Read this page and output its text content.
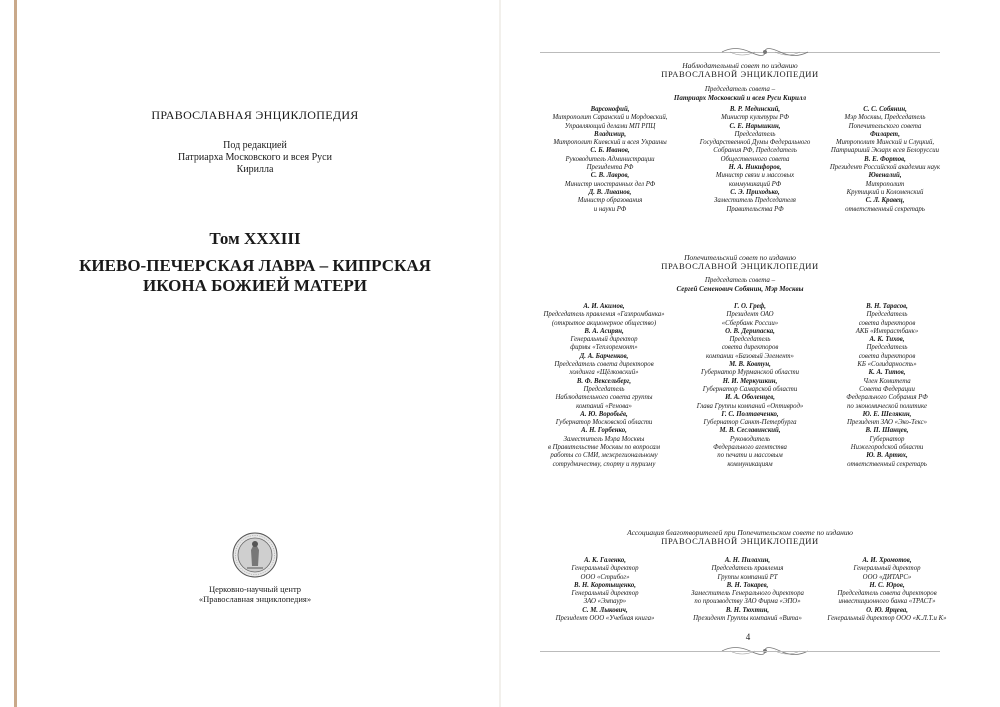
ПРАВОСЛАВНАЯ ЭНЦИКЛОПЕДИЯ
Под редакцией
Патриарха Московского и всея Руси
Кирилла
Том XXXIII
КИЕВО-ПЕЧЕРСКАЯ ЛАВРА – КИПРСКАЯ
ИКОНА БОЖИЕЙ МАТЕРИ
Церковно-научный центр
«Православная энциклопедия»
Наблюдательный совет по изданию
ПРАВОСЛАВНОЙ ЭНЦИКЛОПЕДИИ
Председатель совета –
Патриарх Московский и всея Руси Кирилл
Варсонофий,
Митрополит Саранский и Мордовский,
Управляющий делами МП РПЦ
Владимир,
Митрополит Киевский и всея Украины
С. Б. Иванов,
Руководитель Администрации
Президента РФ
С. В. Лавров,
Министр иностранных дел РФ
Д. В. Ливанов,
Министр образования
и науки РФ
В. Р. Мединский,
Министр культуры РФ
С. Е. Нарышкин,
Председатель
Государственной Думы Федерального
Собрания РФ, Председатель
Общественного совета
Н. А. Никифоров,
Министр связи и массовых
коммуникаций РФ
С. Э. Приходько,
Заместитель Председателя
Правительства РФ
С. С. Собянин,
Мэр Москвы, Председатель
Попечительского совета
Филарет,
Митрополит Минский и Слуцкий,
Патриарший Экзарх всея Белоруссии
В. Е. Фортов,
Президент Российской академии наук
Ювеналий,
Митрополит
Крутицкий и Коломенский
С. Л. Кравец,
ответственный секретарь
Попечительский совет по изданию
ПРАВОСЛАВНОЙ ЭНЦИКЛОПЕДИИ
Председатель совета –
Сергей Семенович Собянин, Мэр Москвы
А. И. Акимов,
Председатель правления «Газпромбанка»
(открытое акционерное общество)
В. А. Асирян,
Генеральный директор
фирмы «Теплоремонт»
Д. А. Барченков,
Председатель совета директоров
холдинга «Щёлковский»
В. Ф. Вексельберг,
Председатель
Наблюдательного совета группы
компаний «Ренова»
А. Ю. Воробьёв,
Губернатор Московской области
А. Н. Горбенко,
Заместитель Мэра Москвы
в Правительстве Москвы по вопросам
работы со СМИ, межрегиональному
сотрудничеству, спорту и туризму
Г. О. Греф,
Президент ОАО
«Сбербанк России»
О. В. Дерипаска,
Председатель
совета директоров
компании «Базовый Элемент»
М. В. Ковтун,
Губернатор Мурманской области
Н. И. Меркушкин,
Губернатор Самарской области
И. А. Оболенцев,
Глава Группы компаний «Оптиврод»
Г. С. Полтавченко,
Губернатор Санкт-Петербурга
М. В. Сеславинский,
Руководитель
Федерального агентства
по печати и массовым
коммуникациям
В. Н. Тарасов,
Председатель
совета директоров
АКБ «Интрастбанк»
А. К. Тихов,
Председатель
совета директоров
КБ «Солидарность»
К. А. Титов,
Член Комитета
Совета Федерации
Федерального Собрания РФ
по экономической политике
Ю. Е. Шелякин,
Президент ЗАО «Эко-Текс»
В. П. Шанцев,
Губернатор
Нижегородской области
Ю. В. Артюх,
ответственный секретарь
Ассоциация благотворителей при Попечительском совете по изданию
ПРАВОСЛАВНОЙ ЭНЦИКЛОПЕДИИ
А. К. Галенко,
Генеральный директор
ООО «Стрибог»
В. Н. Коротыщенко,
Генеральный директор
ЗАО «Эмпаур»
С. М. Лыкович,
Президент ООО «Учебная книга»
А. Н. Пилахин,
Председатель правления
Группы компаний РТ
В. Н. Токарев,
Заместитель Генерального директора
по производству ЗАО Фирма «ЭПО»
В. Н. Тюхтин,
Президент Группы компаний «Вита»
А. И. Хромотов,
Генеральный директор
ООО «ДИТАРС»
Н. С. Юров,
Председатель совета директоров
инвестиционного банка «ТРАСТ»
О. Ю. Ярцева,
Генеральный директор ООО «К.Л.Т.и К»
4
